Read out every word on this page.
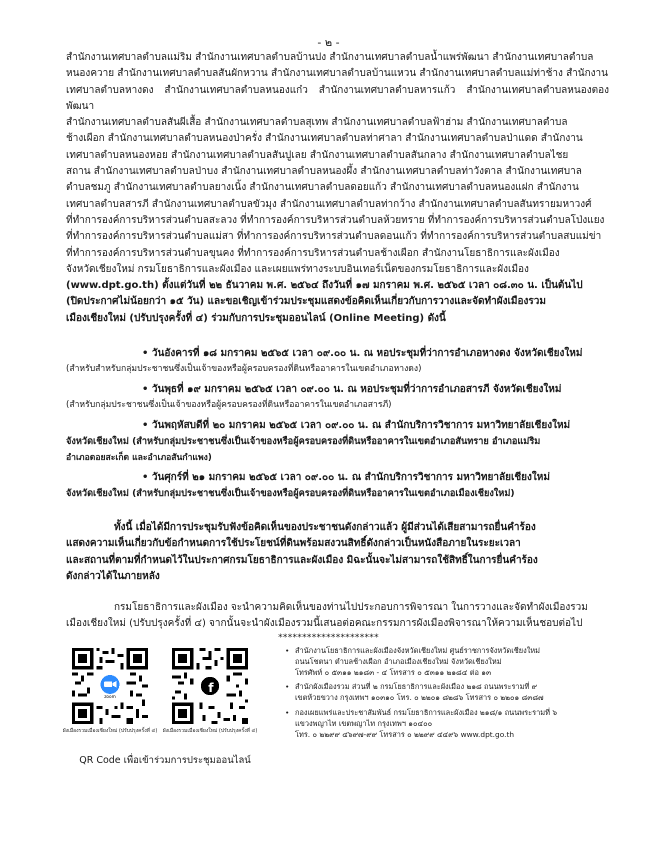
- ๒ -
สำนักงานเทศบาลตำบลแม่ริม สำนักงานเทศบาลตำบลบ้านปง สำนักงานเทศบาลตำบลน้ำแพร่พัฒนา สำนักงานเทศบาลตำบล
หนองควาย สำนักงานเทศบาลตำบลสันผักหวาน สำนักงานเทศบาลตำบลบ้านแหวน สำนักงานเทศบาลตำบลแม่ท่าช้าง สำนักงาน
เทศบาลตำบลหางดง สำนักงานเทศบาลตำบลหนองแก๋ว สำนักงานเทศบาลตำบลหารแก้ว สำนักงานเทศบาลตำบลหนองตองพัฒนา
สำนักงานเทศบาลตำบลสันผีเสื้อ สำนักงานเทศบาลตำบลสุเทพ สำนักงานเทศบาลตำบลฟ้าฮ่าม สำนักงานเทศบาลตำบล
ช้างเผือก สำนักงานเทศบาลตำบลหนองป่าครั่ง สำนักงานเทศบาลตำบลท่าศาลา สำนักงานเทศบาลตำบลป่าแดด สำนักงาน
เทศบาลตำบลหนองหอย สำนักงานเทศบาลตำบลสันปูเลย สำนักงานเทศบาลตำบลสันกลาง สำนักงานเทศบาลตำบลไชย
สถาน สำนักงานเทศบาลตำบลป่าบง สำนักงานเทศบาลตำบลหนองผึ้ง สำนักงานเทศบาลตำบลท่าวังตาล สำนักงานเทศบาล
ตำบลชมภู สำนักงานเทศบาลตำบลยางเนิ้ง สำนักงานเทศบาลตำบลดอยแก้ว สำนักงานเทศบาลตำบลหนองแฝก สำนักงาน
เทศบาลตำบลสารภี สำนักงานเทศบาลตำบลขัวมุง สำนักงานเทศบาลตำบลท่ากว้าง สำนักงานเทศบาลตำบลสันทรายมหาวงศ์
ที่ทำการองค์การบริหารส่วนตำบลสะลวง ที่ทำการองค์การบริหารส่วนตำบลห้วยทราย ที่ทำการองค์การบริหารส่วนตำบลโป่งแยง
ที่ทำการองค์การบริหารส่วนตำบลแม่สา ที่ทำการองค์การบริหารส่วนตำบลดอนแก้ว ที่ทำการองค์การบริหารส่วนตำบลสบแม่ข่า
ที่ทำการองค์การบริหารส่วนตำบลขุนคง ที่ทำการองค์การบริหารส่วนตำบลช้างเผือก สำนักงานโยธาธิการและผังเมือง
จังหวัดเชียงใหม่ กรมโยธาธิการและผังเมือง และเผยแพร่ทางระบบอินเทอร์เน็ตของกรมโยธาธิการและผังเมือง
(www.dpt.go.th) ตั้งแต่วันที่ ๒๒ ธันวาคม พ.ศ. ๒๕๖๔ ถึงวันที่ ๑๗ มกราคม พ.ศ. ๒๕๖๕ เวลา ๐๘.๓๐ น. เป็นต้นไป
(ปิดประกาศไม่น้อยกว่า ๑๕ วัน) และขอเชิญเข้าร่วมประชุมแสดงข้อคิดเห็นเกี่ยวกับการวางและจัดทำผังเมืองรวม
เมืองเชียงใหม่ (ปรับปรุงครั้งที่ ๔) ร่วมกับการประชุมออนไลน์ (Online Meeting) ดังนี้
• วันอังคารที่ ๑๘ มกราคม ๒๕๖๕ เวลา ๐๙.๐๐ น. ณ หอประชุมที่ว่าการอำเภอหางดง จังหวัดเชียงใหม่
(สำหรับสำหรับกลุ่มประชาชนซึ่งเป็นเจ้าของหรือผู้ครอบครองที่ดินหรืออาคารในเขตอำเภอหางดง)
• วันพุธที่ ๑๙ มกราคม ๒๕๖๕ เวลา ๐๙.๐๐ น. ณ หอประชุมที่ว่าการอำเภอสารภี จังหวัดเชียงใหม่
(สำหรับกลุ่มประชาชนซึ่งเป็นเจ้าของหรือผู้ครอบครองที่ดินหรืออาคารในเขตอำเภอสารภี)
• วันพฤหัสบดีที่ ๒๐ มกราคม ๒๕๖๕ เวลา ๐๙.๐๐ น. ณ สำนักบริการวิชาการ มหาวิทยาลัยเชียงใหม่
จังหวัดเชียงใหม่ (สำหรับกลุ่มประชาชนซึ่งเป็นเจ้าของหรือผู้ครอบครองที่ดินหรืออาคารในเขตอำเภอสันทราย อำเภอแม่ริม
อำเภอดอยสะเก็ด และอำเภอสันกำแพง)
• วันศุกร์ที่ ๒๑ มกราคม ๒๕๖๕ เวลา ๐๙.๐๐ น. ณ สำนักบริการวิชาการ มหาวิทยาลัยเชียงใหม่
จังหวัดเชียงใหม่ (สำหรับกลุ่มประชาชนซึ่งเป็นเจ้าของหรือผู้ครอบครองที่ดินหรืออาคารในเขตอำเภอเมืองเชียงใหม่)
ทั้งนี้ เมื่อได้มีการประชุมรับฟังข้อคิดเห็นของประชาชนดังกล่าวแล้ว ผู้มีส่วนได้เสียสามารถยื่นคำร้อง
แสดงความเห็นเกี่ยวกับข้อกำหนดการใช้ประโยชน์ที่ดินพร้อมสงวนสิทธิ์ดังกล่าวเป็นหนังสือภายในระยะเวลา
และสถานที่ตามที่กำหนดไว้ในประกาศกรมโยธาธิการและผังเมือง มิฉะนั้นจะไม่สามารถใช้สิทธิ์ในการยื่นคำร้อง
ดังกล่าวได้ในภายหลัง
กรมโยธาธิการและผังเมือง จะนำความคิดเห็นของท่านไปประกอบการพิจารณา ในการวางและจัดทำผังเมืองรวม
เมืองเชียงใหม่ (ปรับปรุงครั้งที่ ๔) จากนั้นจะนำผังเมืองรวมนี้เสนอต่อคณะกรรมการผังเมืองพิจารณาให้ความเห็นชอบต่อไป
*********************
zoom
ผังเมืองรวมเมืองเชียงใหม่ (ปรับปรุงครั้งที่ ๔)
f
ผังเมืองรวมเมืองเชียงใหม่ (ปรับปรุงครั้งที่ ๔)
QR Code เพื่อเข้าร่วมการประชุมออนไลน์
• สำนักงานโยธาธิการและผังเมืองจังหวัดเชียงใหม่ ศูนย์ราชการจังหวัดเชียงใหม่
ถนนโชตนา ตำบลช้างเผือก อำเภอเมืองเชียงใหม่ จังหวัดเชียงใหม่
โทรศัพท์ ๐ ๕๓๑๑ ๒๑๘๓ - ๔ โทรสาร ๐ ๕๓๑๑ ๒๑๘๔ ต่อ ๑๓
• สำนักผังเมืองรวม ส่วนที่ ๒ กรมโยธาธิการและผังเมือง ๒๑๘ ถนนพระรามที่ ๙
เขตห้วยขวาง กรุงเทพฯ ๑๐๓๑๐ โทร. ๐ ๒๒๐๑ ๘๒๘๖ โทรสาร ๐ ๒๒๐๑ ๘๓๘๗
• กองเผยแพร่และประชาสัมพันธ์ กรมโยธาธิการและผังเมือง ๒๑๘/๑ ถนนพระรามที่ ๖
แขวงพญาไท เขตพญาไท กรุงเทพฯ ๑๐๔๐๐
โทร. ๐ ๒๒๙๙ ๔๖๙๗-๙๙ โทรสาร ๐ ๒๒๙๙ ๔๔๙๖ www.dpt.go.th
